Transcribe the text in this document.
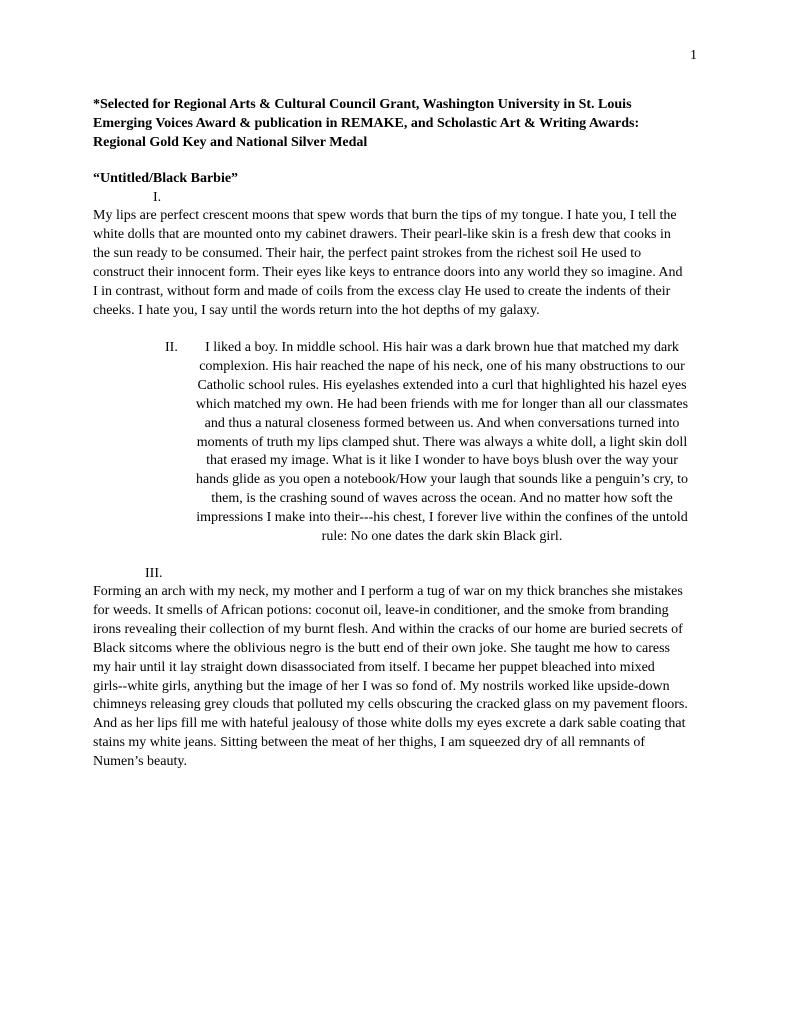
1
*Selected for Regional Arts & Cultural Council Grant, Washington University in St. Louis
Emerging Voices Award & publication in REMAKE, and Scholastic Art & Writing Awards:
Regional Gold Key and National Silver Medal
“Untitled/Black Barbie”
I.
My lips are perfect crescent moons that spew words that burn the tips of my tongue. I hate you, I tell the
white dolls that are mounted onto my cabinet drawers. Their pearl-like skin is a fresh dew that cooks in
the sun ready to be consumed. Their hair, the perfect paint strokes from the richest soil He used to
construct their innocent form. Their eyes like keys to entrance doors into any world they so imagine. And
I in contrast, without form and made of coils from the excess clay He used to create the indents of their
cheeks. I hate you, I say until the words return into the hot depths of my galaxy.
II.	I liked a boy. In middle school. His hair was a dark brown hue that matched my dark
complexion. His hair reached the nape of his neck, one of his many obstructions to our
Catholic school rules. His eyelashes extended into a curl that highlighted his hazel eyes
which matched my own. He had been friends with me for longer than all our classmates
and thus a natural closeness formed between us. And when conversations turned into
moments of truth my lips clamped shut. There was always a white doll, a light skin doll
that erased my image. What is it like I wonder to have boys blush over the way your
hands glide as you open a notebook/How your laugh that sounds like a penguin’s cry, to
them, is the crashing sound of waves across the ocean. And no matter how soft the
impressions I make into their---his chest, I forever live within the confines of the untold
rule: No one dates the dark skin Black girl.
III.
Forming an arch with my neck, my mother and I perform a tug of war on my thick branches she mistakes
for weeds. It smells of African potions: coconut oil, leave-in conditioner, and the smoke from branding
irons revealing their collection of my burnt flesh. And within the cracks of our home are buried secrets of
Black sitcoms where the oblivious negro is the butt end of their own joke. She taught me how to caress
my hair until it lay straight down disassociated from itself. I became her puppet bleached into mixed
girls--white girls, anything but the image of her I was so fond of. My nostrils worked like upside-down
chimneys releasing grey clouds that polluted my cells obscuring the cracked glass on my pavement floors.
And as her lips fill me with hateful jealousy of those white dolls my eyes excrete a dark sable coating that
stains my white jeans. Sitting between the meat of her thighs, I am squeezed dry of all remnants of
Numen’s beauty.
